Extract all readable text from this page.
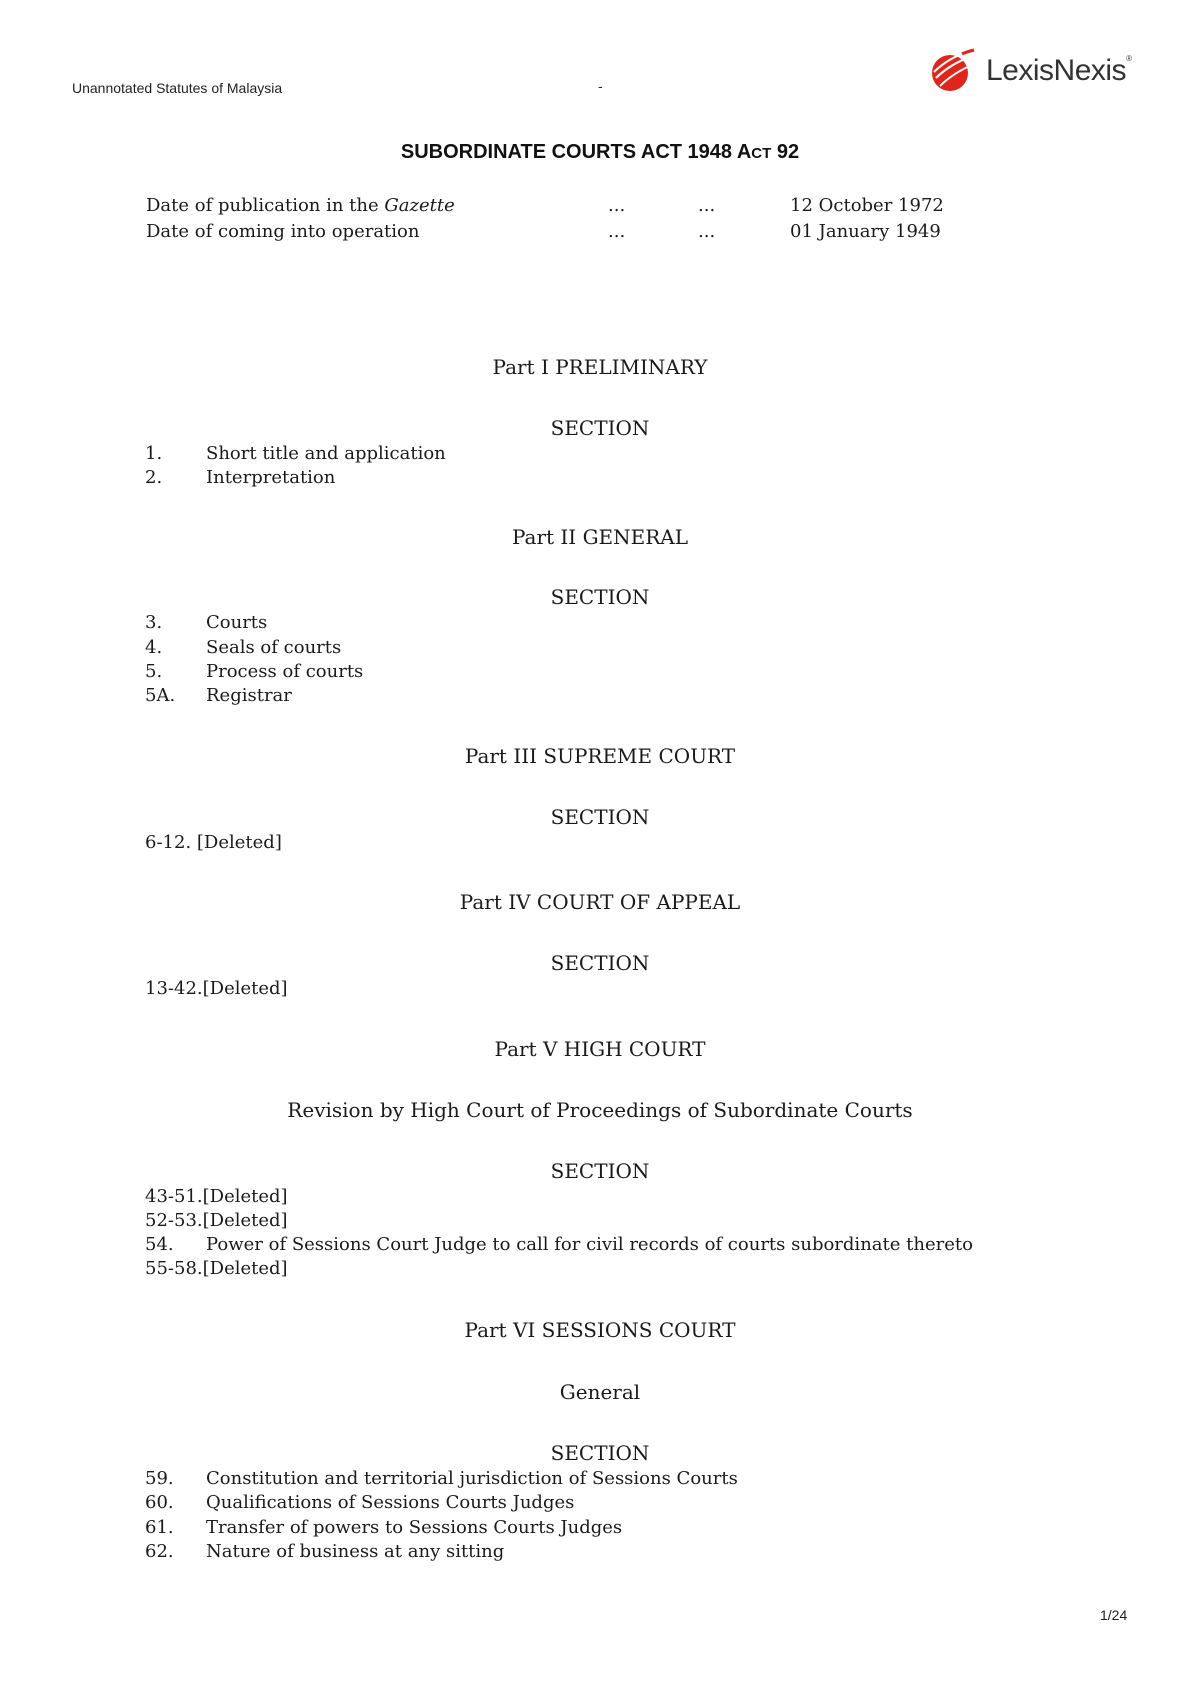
Unannotated Statutes of Malaysia	-	LexisNexis®
SUBORDINATE COURTS ACT 1948 ACT 92
Date of publication in the Gazette	...	...	12 October 1972
Date of coming into operation	...	...	01 January 1949
Part I PRELIMINARY
SECTION
1. Short title and application
2. Interpretation
Part II GENERAL
SECTION
3. Courts
4. Seals of courts
5. Process of courts
5A. Registrar
Part III SUPREME COURT
SECTION
6-12. [Deleted]
Part IV COURT OF APPEAL
SECTION
13-42.[Deleted]
Part V HIGH COURT
Revision by High Court of Proceedings of Subordinate Courts
SECTION
43-51.[Deleted]
52-53.[Deleted]
54. Power of Sessions Court Judge to call for civil records of courts subordinate thereto
55-58.[Deleted]
Part VI SESSIONS COURT
General
SECTION
59. Constitution and territorial jurisdiction of Sessions Courts
60. Qualifications of Sessions Courts Judges
61. Transfer of powers to Sessions Courts Judges
62. Nature of business at any sitting
1/24
